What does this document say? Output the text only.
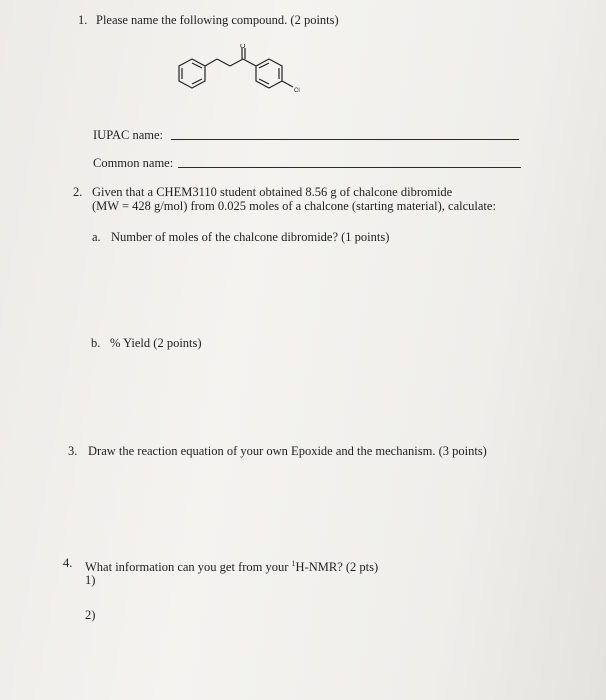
1. Please name the following compound. (2 points)
O
Cl
IUPAC name:
Common name:
2. Given that a CHEM3110 student obtained 8.56 g of chalcone dibromide
(MW = 428 g/mol) from 0.025 moles of a chalcone (starting material), calculate:
a. Number of moles of the chalcone dibromide? (1 points)
b. % Yield (2 points)
3. Draw the reaction equation of your own Epoxide and the mechanism. (3 points)
4. What information can you get from your $^1$H-NMR? (2 pts)
1)
2)
